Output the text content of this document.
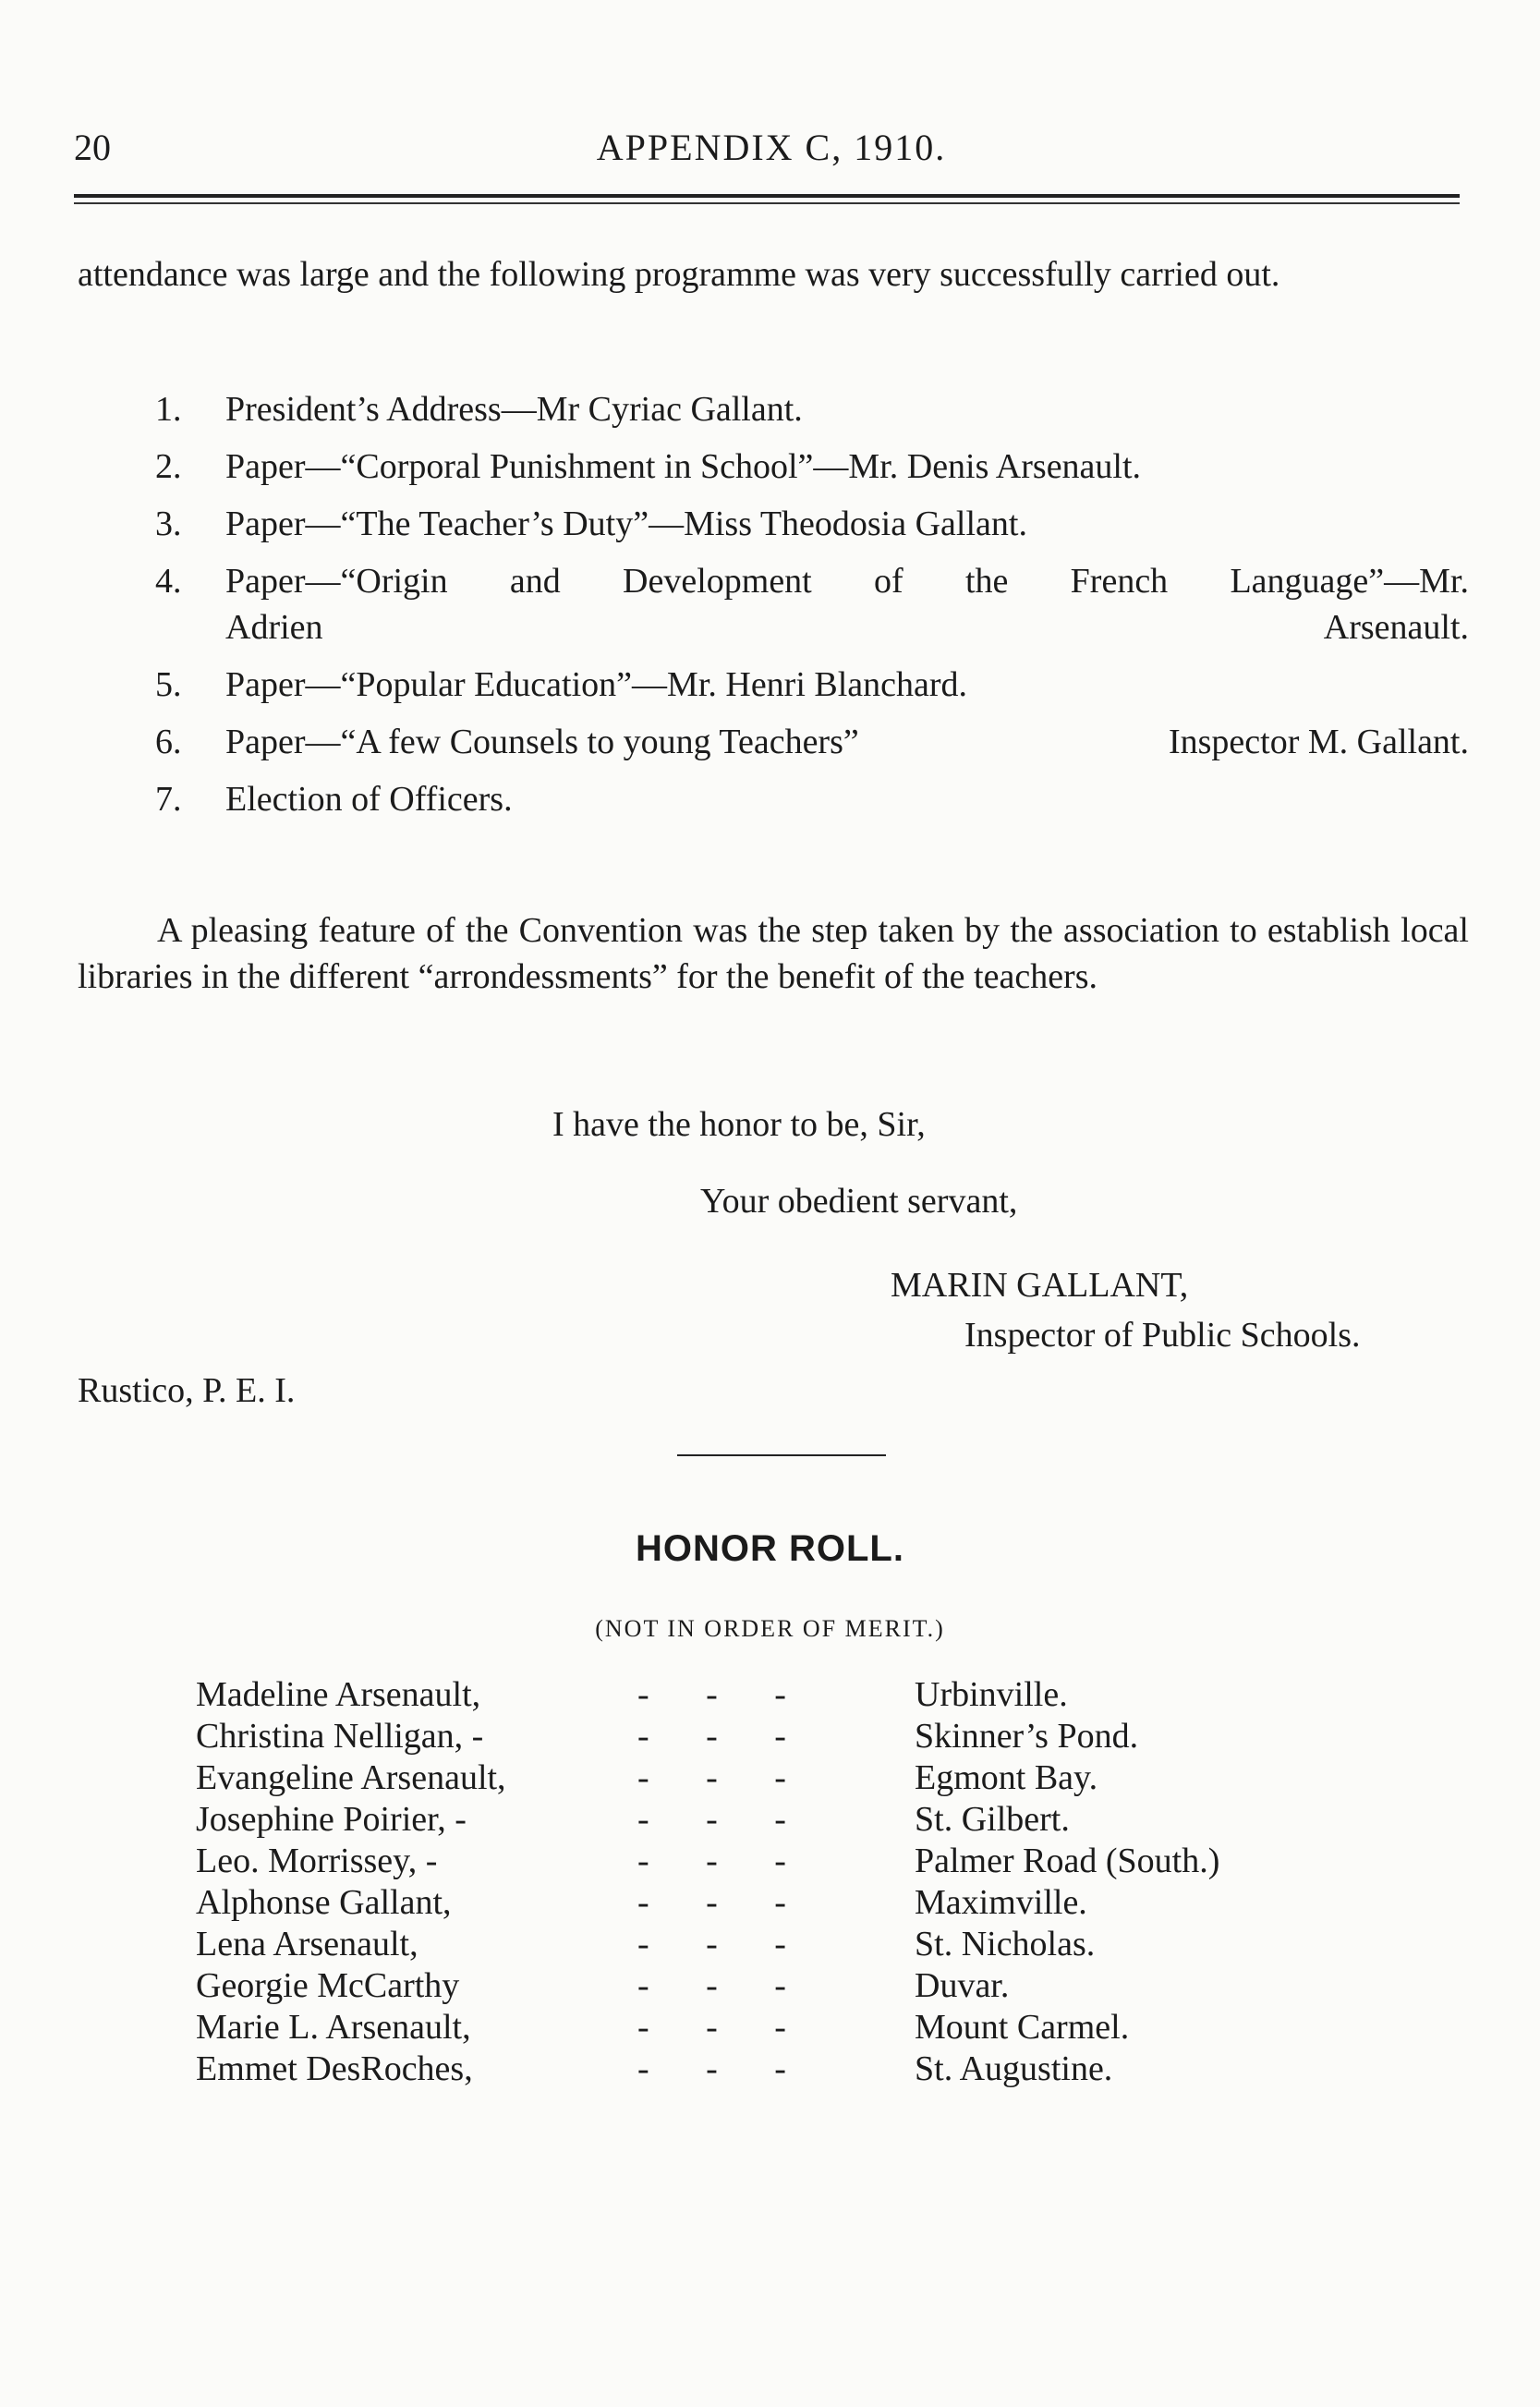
20	APPENDIX C, 1910.

attendance was large and the following programme was very successfully carried out.

1. President’s Address—Mr Cyriac Gallant.
2. Paper—“Corporal Punishment in School”—Mr. Denis Arsenault.
3. Paper—“The Teacher’s Duty”—Miss Theodosia Gallant.
4. Paper—“Origin and Development of the French Language”—Mr.
Adrien Arsenault.
5. Paper—“Popular Education”—Mr. Henri Blanchard.
6.	Inspector M. Gallant.
Paper—“A few Counsels to young Teachers”
7. Election of Officers.

A pleasing feature of the Convention was the step taken by the association to establish local libraries in the different “arrondessments” for the benefit of the teachers.

I have the honor to be, Sir,
Your obedient servant,
MARIN GALLANT,
Inspector of Public Schools.
Rustico, P. E. I.
HONOR ROLL.
(NOT IN ORDER OF MERIT.)
Madeline Arsenault,	- - -	Urbinville.
Christina Nelligan, -	- - -	Skinner’s Pond.
Evangeline Arsenault,	- - -	Egmont Bay.
Josephine Poirier, -	- - -	St. Gilbert.
Leo. Morrissey, -	- - -	Palmer Road (South.)
Alphonse Gallant,	- - -	Maximville.
Lena Arsenault,	- - -	St. Nicholas.
Georgie McCarthy	- - -	Duvar.
Marie L. Arsenault,	- - -	Mount Carmel.
Emmet DesRoches,	- - -	St. Augustine.
